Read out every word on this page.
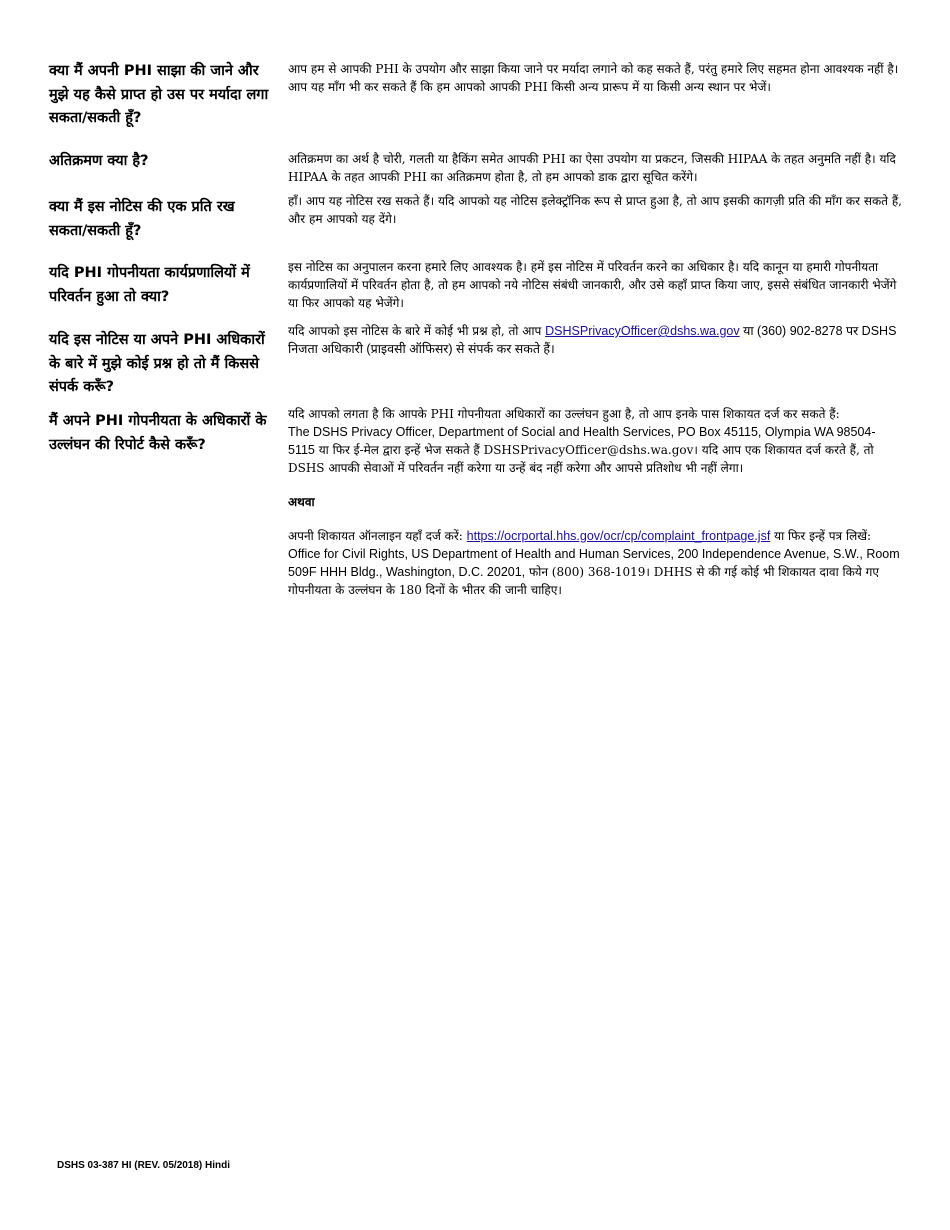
क्या मैं अपनी PHI साझा की जाने और मुझे यह कैसे प्राप्त हो उस पर मर्यादा लगा सकता/सकती हूँ?

आप हम से आपकी PHI के उपयोग और साझा किया जाने पर मर्यादा लगाने को कह सकते हैं, परंतु हमारे लिए सहमत होना आवश्यक नहीं है। आप यह माँग भी कर सकते हैं कि हम आपको आपकी PHI किसी अन्य प्रारूप में या किसी अन्य स्थान पर भेजें।

अतिक्रमण क्या है?	अतिक्रमण का अर्थ है चोरी, गलती या हैकिंग समेत आपकी PHI का ऐसा उपयोग या प्रकटन, जिसकी HIPAA के तहत अनुमति नहीं है। यदि HIPAA के तहत आपकी PHI का अतिक्रमण होता है, तो हम आपको डाक द्वारा सूचित करेंगे।

क्या मैं इस नोटिस की एक प्रति रख सकता/सकती हूँ?

हाँ। आप यह नोटिस रख सकते हैं। यदि आपको यह नोटिस इलेक्ट्रॉनिक रूप से प्राप्त हुआ है, तो आप इसकी कागज़ी प्रति की माँग कर सकते हैं, और हम आपको यह देंगे।

यदि PHI गोपनीयता कार्यप्रणालियों में परिवर्तन हुआ तो क्या?

इस नोटिस का अनुपालन करना हमारे लिए आवश्यक है। हमें इस नोटिस में परिवर्तन करने का अधिकार है। यदि कानून या हमारी गोपनीयता कार्यप्रणालियों में परिवर्तन होता है, तो हम आपको नये नोटिस संबंधी जानकारी, और उसे कहाँ प्राप्त किया जाए, इससे संबंधित जानकारी भेजेंगे या फिर आपको यह भेजेंगे।

यदि इस नोटिस या अपने PHI अधिकारों के बारे में मुझे कोई प्रश्न हो तो मैं किससे संपर्क करूँ?

यदि आपको इस नोटिस के बारे में कोई भी प्रश्न हो, तो आप DSHSPrivacyOfficer@dshs.wa.gov या (360) 902-8278 पर DSHS निजता अधिकारी (प्राइवसी ऑफिसर) से संपर्क कर सकते हैं।

मैं अपने PHI गोपनीयता के अधिकारों के उल्लंघन की रिपोर्ट कैसे करूँ?

यदि आपको लगता है कि आपके PHI गोपनीयता अधिकारों का उल्लंघन हुआ है, तो आप इनके पास शिकायत दर्ज कर सकते हैं:
The DSHS Privacy Officer, Department of Social and Health Services, PO Box 45115, Olympia WA 98504-5115 या फिर ई-मेल द्वारा इन्हें भेज सकते हैं DSHSPrivacyOfficer@dshs.wa.gov। यदि आप एक शिकायत दर्ज करते हैं, तो DSHS आपकी सेवाओं में परिवर्तन नहीं करेगा या उन्हें बंद नहीं करेगा और आपसे प्रतिशोध भी नहीं लेगा।

अथवा

अपनी शिकायत ऑनलाइन यहाँ दर्ज करें: https://ocrportal.hhs.gov/ocr/cp/complaint_frontpage.jsf या फिर इन्हें पत्र लिखें: Office for Civil Rights, US Department of Health and Human Services, 200 Independence Avenue, S.W., Room 509F HHH Bldg., Washington, D.C. 20201, फोन (800) 368-1019। DHHS से की गई कोई भी शिकायत दावा किये गए गोपनीयता के उल्लंघन के 180 दिनों के भीतर की जानी चाहिए।

DSHS 03-387 HI (REV. 05/2018) Hindi
